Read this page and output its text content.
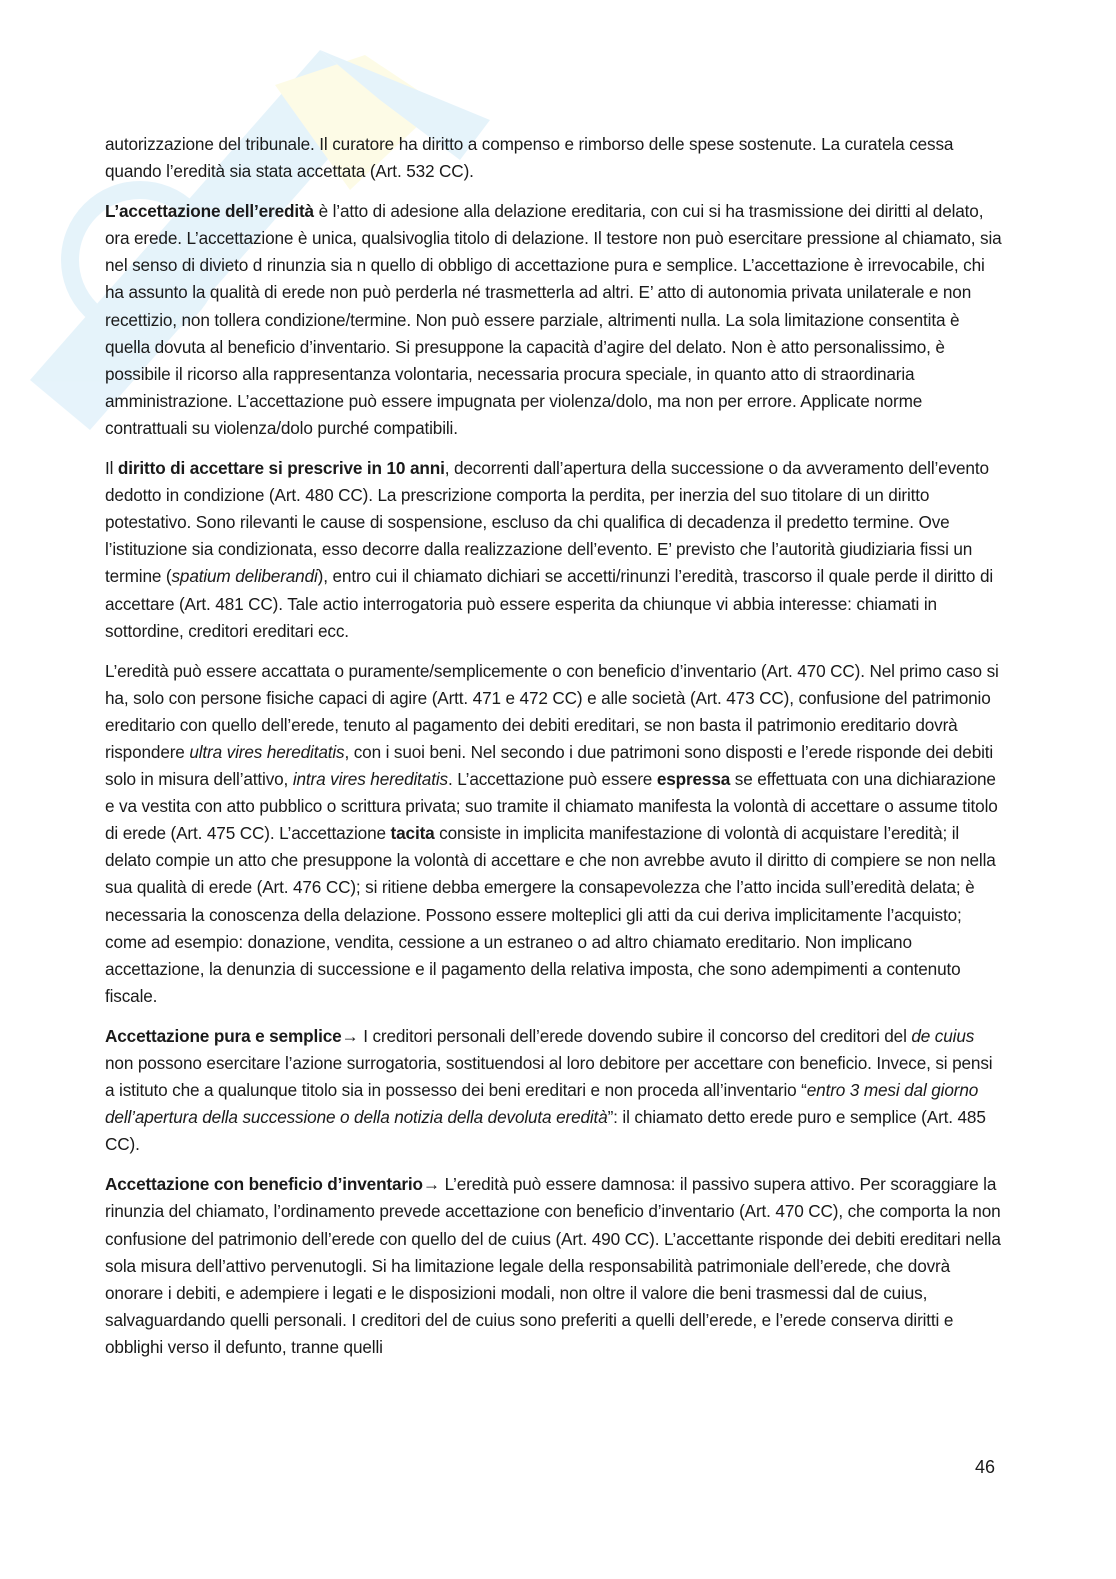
autorizzazione del tribunale. Il curatore ha diritto a compenso e rimborso delle spese sostenute. La curatela cessa quando l’eredità sia stata accettata (Art. 532 CC).

L’accettazione dell’eredità è l’atto di adesione alla delazione ereditaria, con cui si ha trasmissione dei diritti al delato, ora erede. L’accettazione è unica, qualsivoglia titolo di delazione. Il testore non può esercitare pressione al chiamato, sia nel senso di divieto d rinunzia sia n quello di obbligo di accettazione pura e semplice. L’accettazione è irrevocabile, chi ha assunto la qualità di erede non può perderla né trasmetterla ad altri. E’ atto di autonomia privata unilaterale e non recettizio, non tollera condizione/termine. Non può essere parziale, altrimenti nulla. La sola limitazione consentita è quella dovuta al beneficio d’inventario. Si presuppone la capacità d’agire del delato. Non è atto personalissimo, è possibile il ricorso alla rappresentanza volontaria, necessaria procura speciale, in quanto atto di straordinaria amministrazione. L’accettazione può essere impugnata per violenza/dolo, ma non per errore. Applicate norme contrattuali su violenza/dolo purché compatibili.

Il diritto di accettare si prescrive in 10 anni, decorrenti dall’apertura della successione o da avveramento dell’evento dedotto in condizione (Art. 480 CC). La prescrizione comporta la perdita, per inerzia del suo titolare di un diritto potestativo. Sono rilevanti le cause di sospensione, escluso da chi qualifica di decadenza il predetto termine. Ove l’istituzione sia condizionata, esso decorre dalla realizzazione dell’evento. E’ previsto che l’autorità giudiziaria fissi un termine (spatium deliberandi), entro cui il chiamato dichiari se accetti/rinunzi l’eredità, trascorso il quale perde il diritto di accettare (Art. 481 CC). Tale actio interrogatoria può essere esperita da chiunque vi abbia interesse: chiamati in sottordine, creditori ereditari ecc.

L’eredità può essere accattata o puramente/semplicemente o con beneficio d’inventario (Art. 470 CC). Nel primo caso si ha, solo con persone fisiche capaci di agire (Artt. 471 e 472 CC) e alle società (Art. 473 CC), confusione del patrimonio ereditario con quello dell’erede, tenuto al pagamento dei debiti ereditari, se non basta il patrimonio ereditario dovrà rispondere ultra vires hereditatis, con i suoi beni. Nel secondo i due patrimoni sono disposti e l’erede risponde dei debiti solo in misura dell’attivo, intra vires hereditatis. L’accettazione può essere espressa se effettuata con una dichiarazione e va vestita con atto pubblico o scrittura privata; suo tramite il chiamato manifesta la volontà di accettare o assume titolo di erede (Art. 475 CC). L’accettazione tacita consiste in implicita manifestazione di volontà di acquistare l’eredità; il delato compie un atto che presuppone la volontà di accettare e che non avrebbe avuto il diritto di compiere se non nella sua qualità di erede (Art. 476 CC); si ritiene debba emergere la consapevolezza che l’atto incida sull’eredità delata; è necessaria la conoscenza della delazione. Possono essere molteplici gli atti da cui deriva implicitamente l’acquisto; come ad esempio: donazione, vendita, cessione a un estraneo o ad altro chiamato ereditario. Non implicano accettazione, la denunzia di successione e il pagamento della relativa imposta, che sono adempimenti a contenuto fiscale.

Accettazione pura e semplice→ I creditori personali dell’erede dovendo subire il concorso del creditori del de cuius non possono esercitare l’azione surrogatoria, sostituendosi al loro debitore per accettare con beneficio. Invece, si pensi a istituto che a qualunque titolo sia in possesso dei beni ereditari e non proceda all’inventario “entro 3 mesi dal giorno dell’apertura della successione o della notizia della devoluta eredità”: il chiamato detto erede puro e semplice (Art. 485 CC).

Accettazione con beneficio d’inventario→ L’eredità può essere damnosa: il passivo supera attivo. Per scoraggiare la rinunzia del chiamato, l’ordinamento prevede accettazione con beneficio d’inventario (Art. 470 CC), che comporta la non confusione del patrimonio dell’erede con quello del de cuius (Art. 490 CC). L’accettante risponde dei debiti ereditari nella sola misura dell’attivo pervenutogli. Si ha limitazione legale della responsabilità patrimoniale dell’erede, che dovrà onorare i debiti, e adempiere i legati e le disposizioni modali, non oltre il valore die beni trasmessi dal de cuius, salvaguardando quelli personali. I creditori del de cuius sono preferiti a quelli dell’erede, e l’erede conserva diritti e obblighi verso il defunto, tranne quelli

46
